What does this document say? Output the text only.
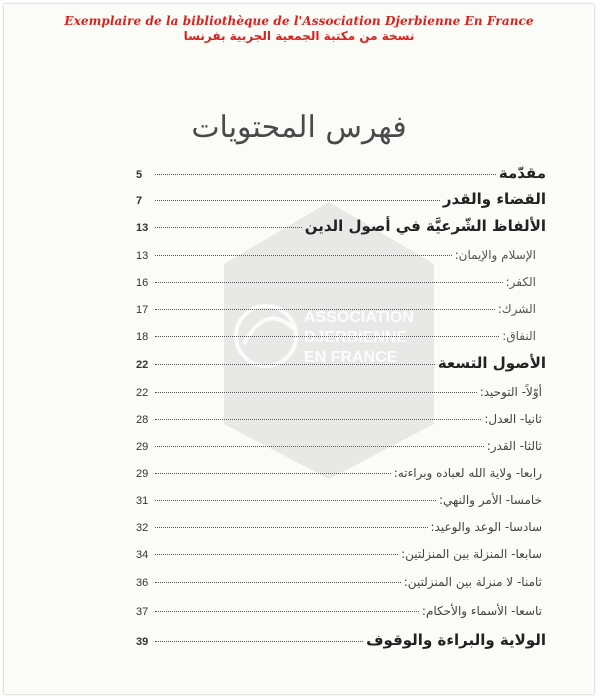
Exemplaire de la bibliothèque de l'Association Djerbienne En France
نسخة من مكتبة الجمعية الجربية بفرنسا
ASSOCIATION
DJERBIENNE
EN FRANCE
فهرس المحتويات
مقدّمة
5
القضاء والقدر
7
الألفاظ الشّرعيَّة في أصول الدين
13
الإسلام والإيمان:
13
الكفر:
16
الشرك:
17
النفاق:
18
الأصول التسعة
22
أوّلاً- التوحيد:
22
ثانيا- العدل:
28
ثالثا- القدر:
29
رابعا- ولاية الله لعباده وبراءته:
29
خامسا- الأمر والنهي:
31
سادسا- الوعد والوعيد:
32
سابعا- المنزلة بين المنزلتين:
34
ثامنا- لا منزلة بين المنزلتين:
36
تاسعا- الأسماء والأحكام:
37
الولاية والبراءة والوقوف
39
